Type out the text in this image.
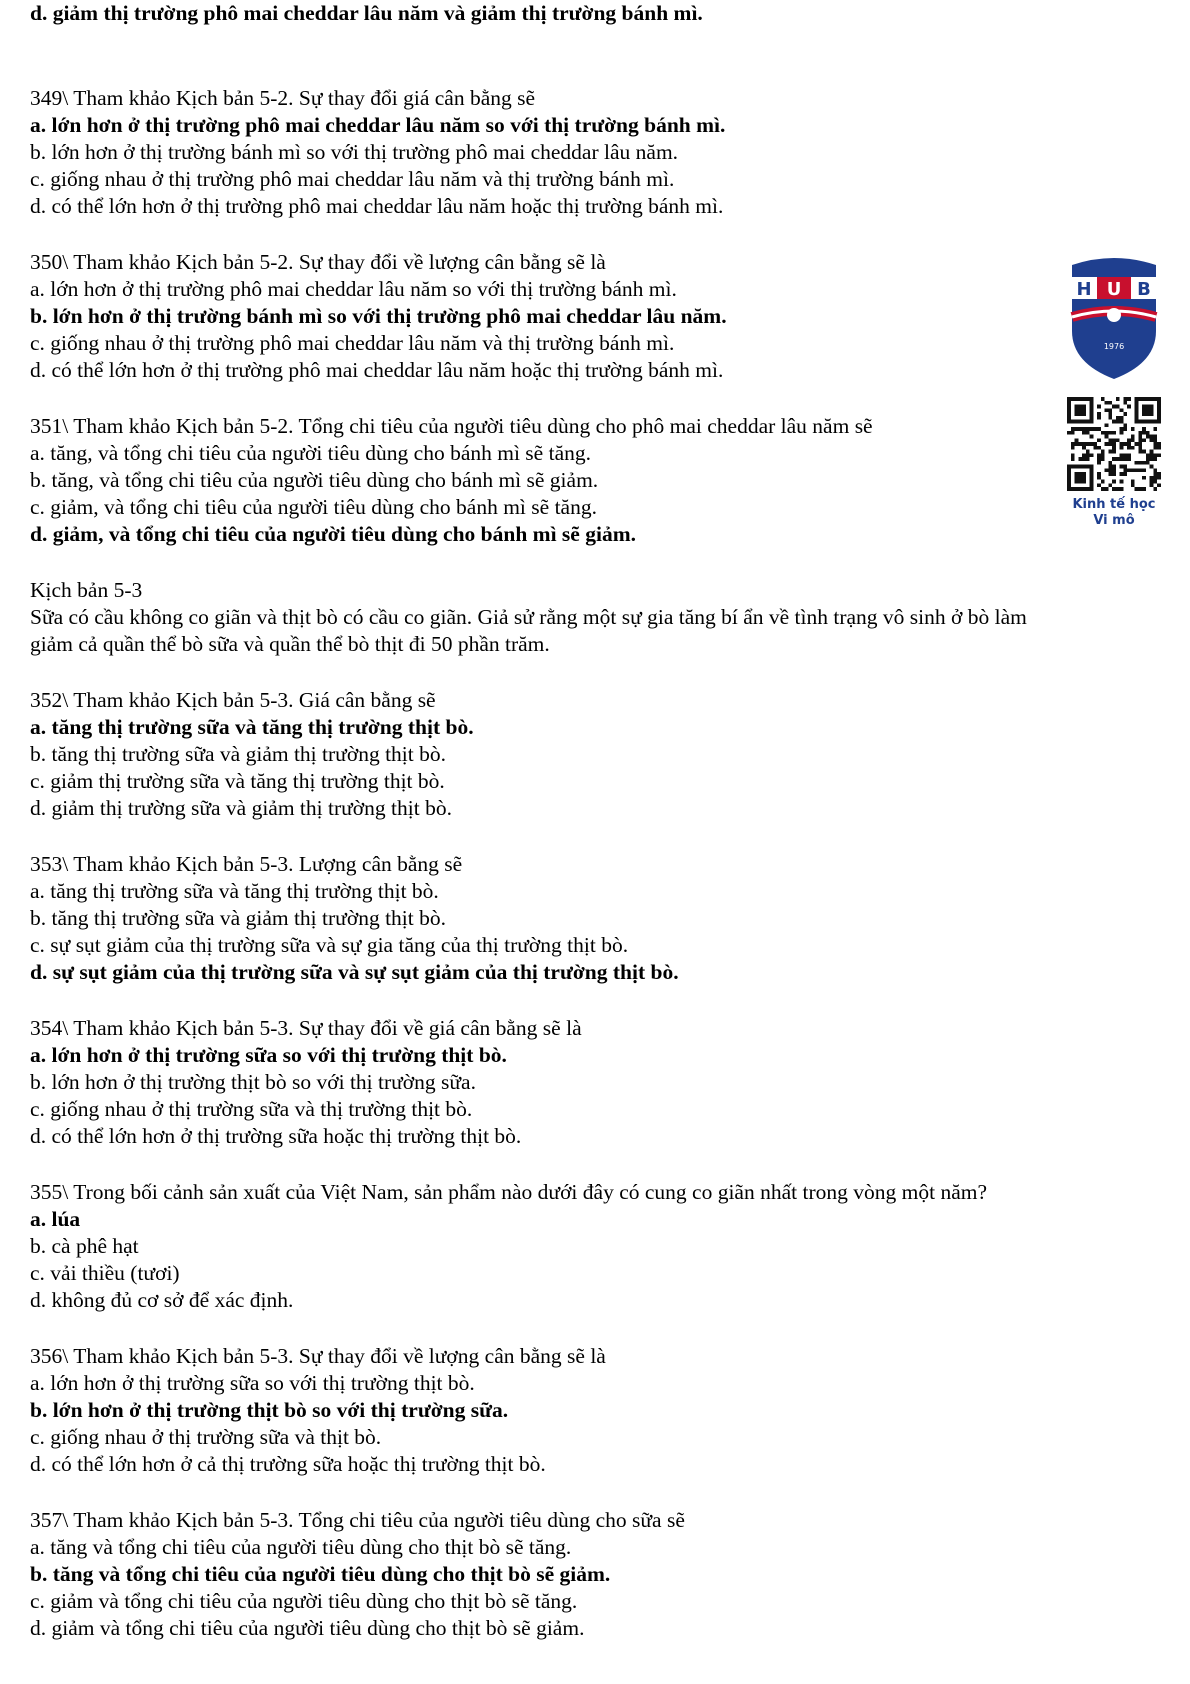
d. giảm thị trường phô mai cheddar lâu năm và giảm thị trường bánh mì.
349\ Tham khảo Kịch bản 5-2. Sự thay đổi giá cân bằng sẽ
a. lớn hơn ở thị trường phô mai cheddar lâu năm so với thị trường bánh mì.
b. lớn hơn ở thị trường bánh mì so với thị trường phô mai cheddar lâu năm.
c. giống nhau ở thị trường phô mai cheddar lâu năm và thị trường bánh mì.
d. có thể lớn hơn ở thị trường phô mai cheddar lâu năm hoặc thị trường bánh mì.
350\ Tham khảo Kịch bản 5-2. Sự thay đổi về lượng cân bằng sẽ là
a. lớn hơn ở thị trường phô mai cheddar lâu năm so với thị trường bánh mì.
b. lớn hơn ở thị trường bánh mì so với thị trường phô mai cheddar lâu năm.
c. giống nhau ở thị trường phô mai cheddar lâu năm và thị trường bánh mì.
d. có thể lớn hơn ở thị trường phô mai cheddar lâu năm hoặc thị trường bánh mì.
351\ Tham khảo Kịch bản 5-2. Tổng chi tiêu của người tiêu dùng cho phô mai cheddar lâu năm sẽ
a. tăng, và tổng chi tiêu của người tiêu dùng cho bánh mì sẽ tăng.
b. tăng, và tổng chi tiêu của người tiêu dùng cho bánh mì sẽ giảm.
c. giảm, và tổng chi tiêu của người tiêu dùng cho bánh mì sẽ tăng.
d. giảm, và tổng chi tiêu của người tiêu dùng cho bánh mì sẽ giảm.
Kịch bản 5-3
Sữa có cầu không co giãn và thịt bò có cầu co giãn. Giả sử rằng một sự gia tăng bí ẩn về tình trạng vô sinh ở bò làm
giảm cả quần thể bò sữa và quần thể bò thịt đi 50 phần trăm.
352\ Tham khảo Kịch bản 5-3. Giá cân bằng sẽ
a. tăng thị trường sữa và tăng thị trường thịt bò.
b. tăng thị trường sữa và giảm thị trường thịt bò.
c. giảm thị trường sữa và tăng thị trường thịt bò.
d. giảm thị trường sữa và giảm thị trường thịt bò.
353\ Tham khảo Kịch bản 5-3. Lượng cân bằng sẽ
a. tăng thị trường sữa và tăng thị trường thịt bò.
b. tăng thị trường sữa và giảm thị trường thịt bò.
c. sự sụt giảm của thị trường sữa và sự gia tăng của thị trường thịt bò.
d. sự sụt giảm của thị trường sữa và sự sụt giảm của thị trường thịt bò.
354\ Tham khảo Kịch bản 5-3. Sự thay đổi về giá cân bằng sẽ là
a. lớn hơn ở thị trường sữa so với thị trường thịt bò.
b. lớn hơn ở thị trường thịt bò so với thị trường sữa.
c. giống nhau ở thị trường sữa và thị trường thịt bò.
d. có thể lớn hơn ở thị trường sữa hoặc thị trường thịt bò.
355\ Trong bối cảnh sản xuất của Việt Nam, sản phẩm nào dưới đây có cung co giãn nhất trong vòng một năm?
a. lúa
b. cà phê hạt
c. vải thiều (tươi)
d. không đủ cơ sở để xác định.
356\ Tham khảo Kịch bản 5-3. Sự thay đổi về lượng cân bằng sẽ là
a. lớn hơn ở thị trường sữa so với thị trường thịt bò.
b. lớn hơn ở thị trường thịt bò so với thị trường sữa.
c. giống nhau ở thị trường sữa và thịt bò.
d. có thể lớn hơn ở cả thị trường sữa hoặc thị trường thịt bò.
357\ Tham khảo Kịch bản 5-3. Tổng chi tiêu của người tiêu dùng cho sữa sẽ
a. tăng và tổng chi tiêu của người tiêu dùng cho thịt bò sẽ tăng.
b. tăng và tổng chi tiêu của người tiêu dùng cho thịt bò sẽ giảm.
c. giảm và tổng chi tiêu của người tiêu dùng cho thịt bò sẽ tăng.
d. giảm và tổng chi tiêu của người tiêu dùng cho thịt bò sẽ giảm.
H U B
1976
Kinh tế học
Vi mô
